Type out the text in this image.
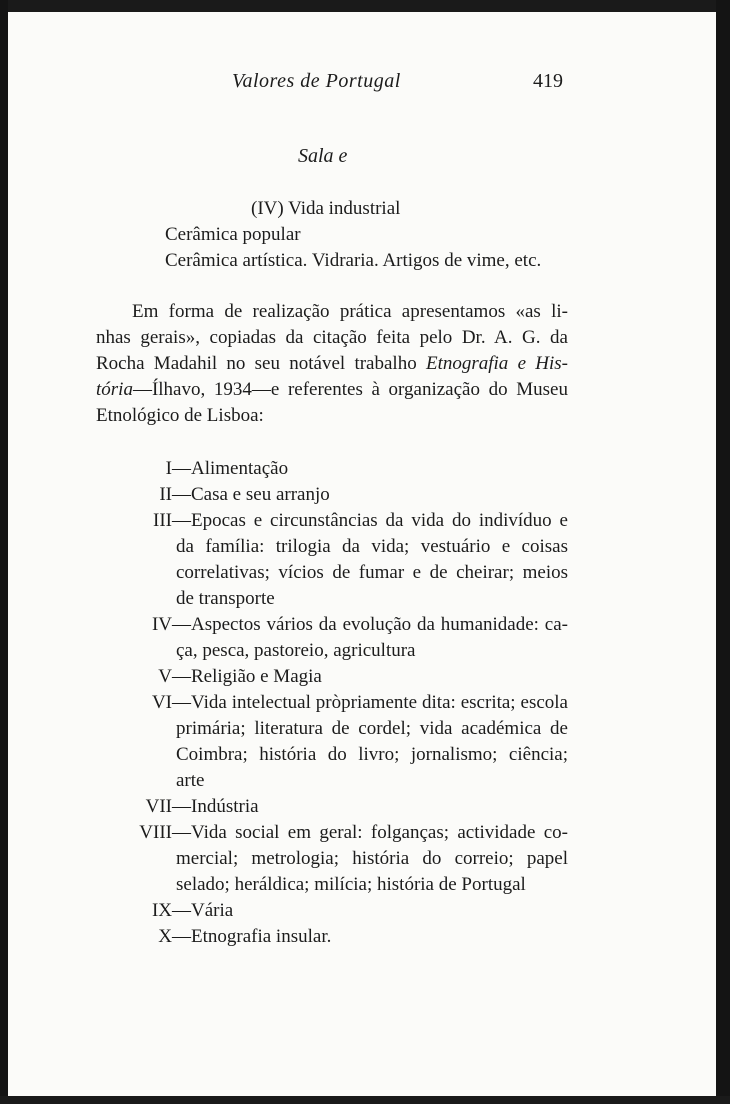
Valores de Portugal	419
Sala e
(IV) Vida industrial
Cerâmica popular
Cerâmica artística. Vidraria. Artigos de vime, etc.
Em forma de realização prática apresentamos «as li-
nhas gerais», copiadas da citação feita pelo Dr. A. G. da
Rocha Madahil no seu notável trabalho Etnografia e His-
tória—Ílhavo, 1934—e referentes à organização do Museu
Etnológico de Lisboa:
I — Alimentação
II — Casa e seu arranjo
III — Epocas e circunstâncias da vida do indivíduo e
da família: trilogia da vida; vestuário e coisas
correlativas; vícios de fumar e de cheirar; meios
de transporte
IV — Aspectos vários da evolução da humanidade: ca-
ça, pesca, pastoreio, agricultura
V — Religião e Magia
VI — Vida intelectual pròpriamente dita: escrita; escola
primária; literatura de cordel; vida académica de
Coimbra; história do livro; jornalismo; ciência;
arte
VII — Indústria
VIII — Vida social em geral: folganças; actividade co-
mercial; metrologia; história do correio; papel
selado; heráldica; milícia; história de Portugal
IX — Vária
X — Etnografia insular.
